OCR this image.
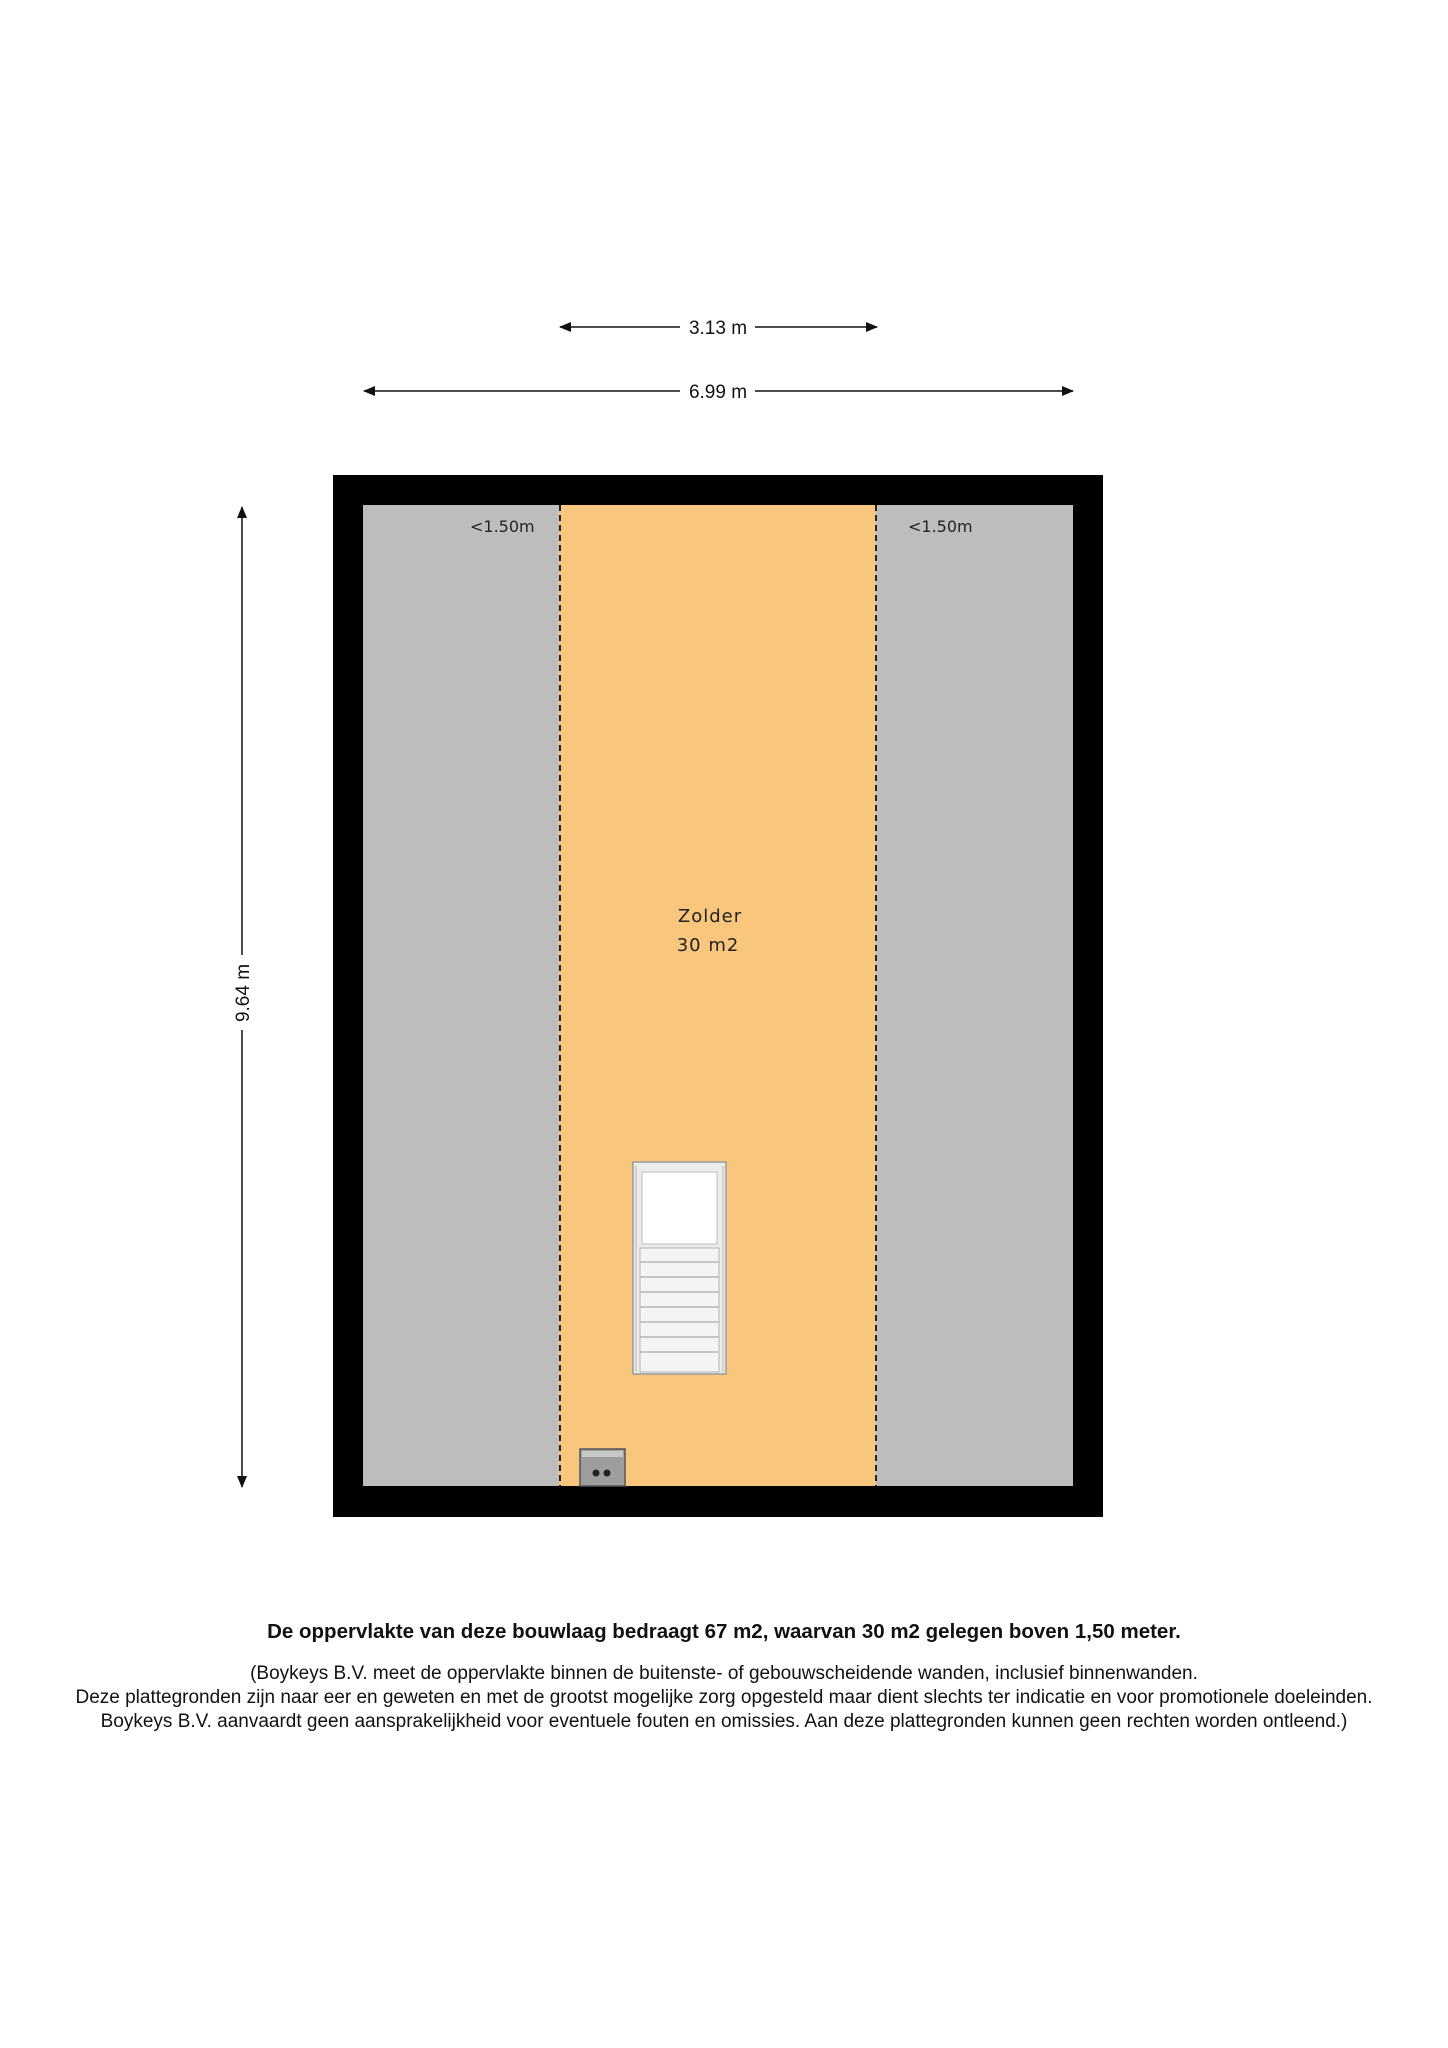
3.13 m
6.99 m
9.64 m
<1.50m	<1.50m
Zolder
30 m2
De oppervlakte van deze bouwlaag bedraagt 67 m2, waarvan 30 m2 gelegen boven 1,50 meter.
(Boykeys B.V. meet de oppervlakte binnen de buitenste- of gebouwscheidende wanden, inclusief binnenwanden.
Deze plattegronden zijn naar eer en geweten en met de grootst mogelijke zorg opgesteld maar dient slechts ter indicatie en voor promotionele doeleinden.
Boykeys B.V. aanvaardt geen aansprakelijkheid voor eventuele fouten en omissies. Aan deze plattegronden kunnen geen rechten worden ontleend.)
